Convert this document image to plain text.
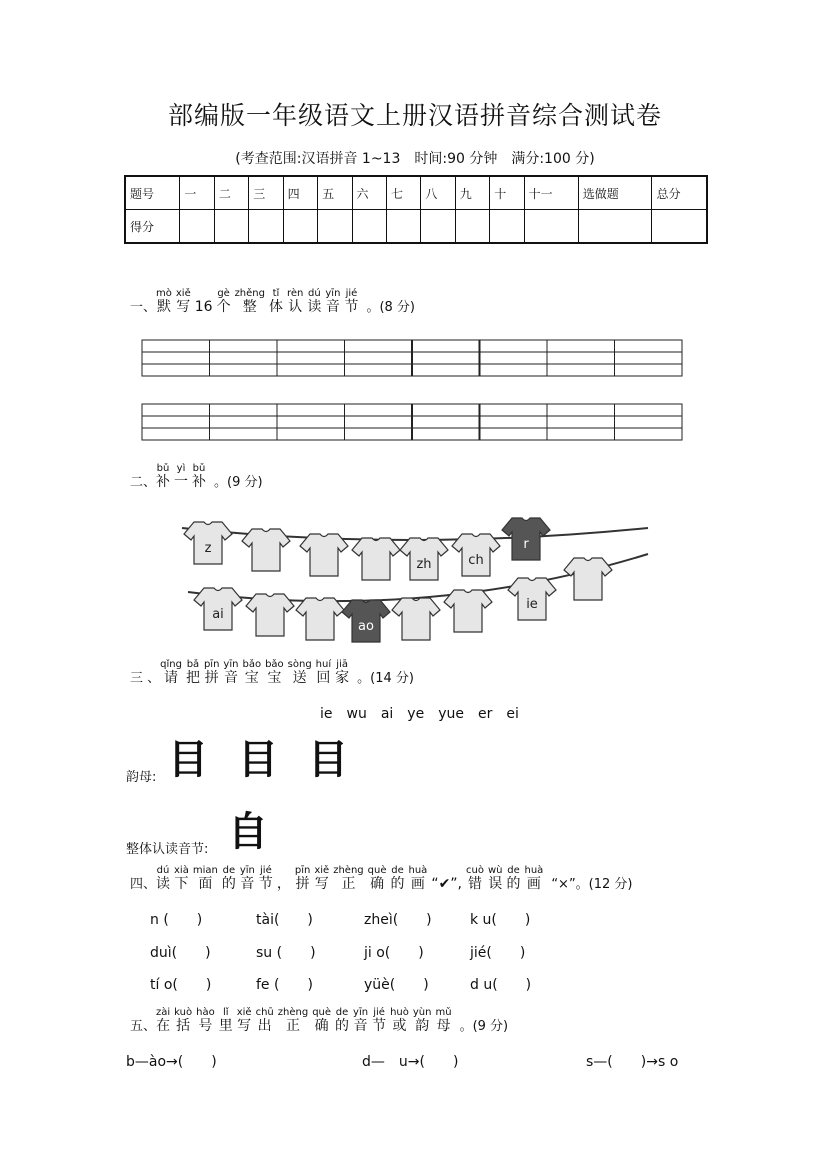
部编版一年级语文上册汉语拼音综合测试卷
(考查范围:汉语拼音 1~13　时间:90 分钟　满分:100 分)
题号	一	二	三	四	五	六	七	八	九	十	十一	选做题	总分
得分													
一、
mò
默
xiě
写 16
gè
个
zhěng
整
tǐ
体
rèn
认
dú
读
yīn
音
jié
节 。(8 分)
二、
bǔ
补
yì
一
bǔ
补 。(9 分)
z
zh	ch
r
ai
ao
ie
三 、
qǐng
请
bǎ
把
pīn
拼
yīn
音
bǎo
宝
bǎo
宝
sòng
送
huí
回
jiā
家 。(14 分)
ie　wu　ai　ye　yue　er　ei
目 目 目
韵母:
自
整体认读音节:
四、
dú
读
xià
下
mian
面
de
的
yīn
音
jié
节 ，
pīn
拼
xiě
写
zhèng
正
què
确
de
的
huà
画 “✔”,
cuò
错
wù
误
de
的
huà
画 “×”。(12 分)
n (　　)	tài(　　)	zheì(　　)	k u(　　)
duì(　　)	su (　　)	ji o(　　)	jié(　　)
tí o(　　)	fe (　　)	yüè(　　)	d u(　　)
五、
zài
在
kuò
括
hào
号
lǐ
里
xiě
写
chū
出
zhèng
正
què
确
de
的
yīn
音
jié
节
huò
或
yùn
韵
mǔ
母 。(9 分)
b—ào→(　　)	d—　u→(　　)	s—(　　)→s o
